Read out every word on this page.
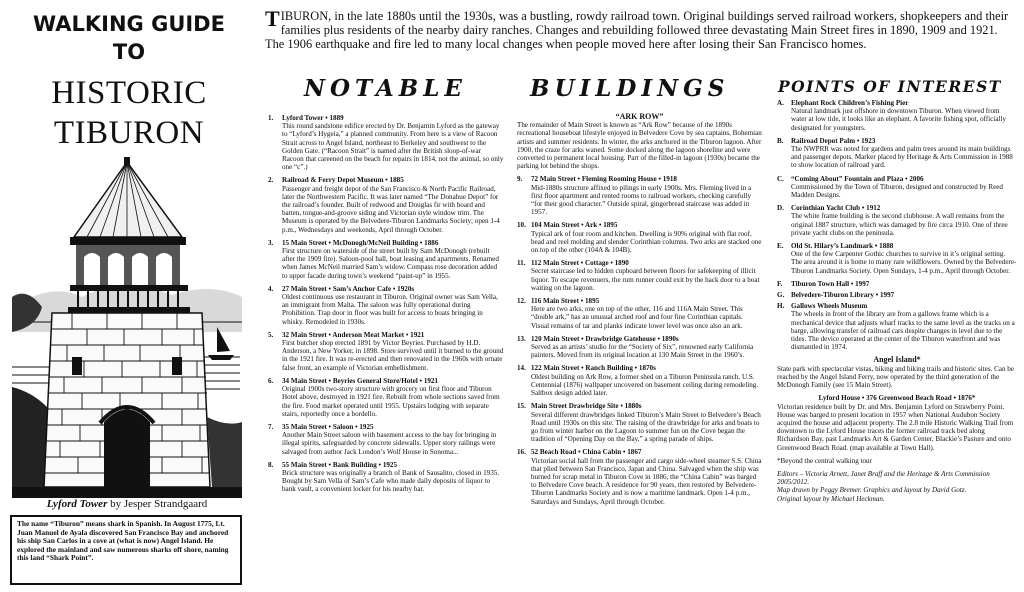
WALKING GUIDE
TO
HISTORIC
TIBURON
Lyford Tower by Jesper Strandgaard
The name “Tiburon” means shark in Spanish. In August 1775, Lt. Juan Manuel de Ayala discovered San Francisco Bay and anchored his ship San Carlos in a cove at (what is now) Angel Island. He explored the mainland and saw numerous sharks off shore, naming this land “Shark Point”.
TIBURON, in the late 1880s until the 1930s, was a bustling, rowdy railroad town. Original buildings served railroad workers, shopkeepers and their families plus residents of the nearby dairy ranches. Changes and rebuilding followed three devastating Main Street fires in 1890, 1909 and 1921. The 1906 earthquake and fire led to many local changes when people moved here after losing their San Francisco homes.
NOTABLE	BUILDINGS	POINTS OF INTEREST
1. Lyford Tower • 1889
This round sandstone edifice erected by Dr. Benjamin Lyford as the gateway to “Lyford’s Hygeia,” a planned community. From here is a view of Racoon Strait across to Angel Island, northeast to Berkeley and southwest to the Golden Gate. (“Racoon Strait” is named after the British sloop-of-war Racoon that careened on the beach for repairs in 1814, not the animal, so only one “c”.)
2. Railroad & Ferry Depot Museum • 1885
Passenger and freight depot of the San Francisco & North Pacific Railroad, later the Northwestern Pacific. It was later named “The Donahue Depot” for the railroad’s founder. Built of redwood and Douglas fir with board and batten, tongue-and-groove siding and Victorian style window trim. The Museum is operated by the Belvedere-Tiburon Landmarks Society; open 1-4 p.m., Wednesdays and weekends, April through October.
3. 15 Main Street • McDonogh/McNeil Building • 1886
First structure on waterside of the street built by Sam McDonogh (rebuilt after the 1909 fire). Saloon-pool hall, boat leasing and apartments. Renamed when James McNeil married Sam’s widow. Compass rose decoration added to upper facade during town’s weekend “paint-up” in 1955.
4. 27 Main Street • Sam’s Anchor Cafe • 1920s
Oldest continuous use restaurant in Tiburon. Original owner was Sam Vella, an immigrant from Malta. The saloon was fully operational during Prohibition. Trap door in floor was built for access to boats bringing in whisky. Remodeled in 1930s.
5. 32 Main Street • Anderson Meat Market • 1921
First butcher shop erected 1891 by Victor Beyries. Purchased by H.D. Anderson, a New Yorker, in 1898. Store survived until it burned to the ground in the 1921 fire. It was re-erected and then renovated in the 1960s with ornate false front, an example of Victorian embellishment.
6. 34 Main Street • Beyries General Store/Hotel • 1921
Original 1900s two-story structure with grocery on first floor and Tiburon Hotel above, destroyed in 1921 fire. Rebuilt from whole sections saved from the fire. Food market operated until 1955. Upstairs lodging with separate stairs, reportedly once a bordello.
7. 35 Main Street • Saloon • 1925
Another Main Street saloon with basement access to the bay for bringing in illegal spirits, safeguarded by concrete sidewalls. Upper story railings were salvaged from author Jack London’s Wolf House in Sonoma...
8. 55 Main Street • Bank Building • 1925
Brick structure was originally a branch of Bank of Sausalito, closed in 1935. Bought by Sam Vella of Sam’s Cafe who made daily deposits of liquor to bank vault, a convenient locker for his nearby bar.
“ARK ROW”
The remainder of Main Street is known as “Ark Row” because of the 1890s recreational houseboat lifestyle enjoyed in Belvedere Cove by sea captains, Bohemian artists and summer residents. In winter, the arks anchored in the Tiburon lagoon. After 1900, the craze for arks waned. Some docked along the lagoon shoreline and were converted to permanent local housing. Part of the filled-in lagoon (1930s) became the parking lot behind the shops.
9. 72 Main Street • Fleming Rooming House • 1918
Mid-1880s structure affixed to pilings in early 1900s. Mrs. Fleming lived in a first floor apartment and rented rooms to railroad workers, checking carefully “for their good character.” Outside spiral, gingerbread staircase was added in 1957.
10. 104 Main Street • Ark • 1895
Typical ark of four room and kitchen. Dwelling is 90% original with flat roof, bead and reel molding and slender Corinthian columns. Two arks are stacked one on top of the other (104A & 104B).
11. 112 Main Street • Cottage • 1890
Secret staircase led to hidden cupboard between floors for safekeeping of illicit liquor. To escape revenuers, the rum runner could exit by the back door to a boat waiting on the lagoon.
12. 116 Main Street • 1895
Here are two arks, one on top of the other, 116 and 116A Main Street. This “double ark,” has an unusual arched roof and four fine Corinthian capitals. Visual remains of tar and planks indicate lower level was once also an ark.
13. 120 Main Street • Drawbridge Gatehouse • 1890s
Served as an artists’ studio for the “Society of Six”, renowned early California painters. Moved from its original location at 130 Main Street in the 1960’s.
14. 122 Main Street • Ranch Building • 1870s
Oldest building on Ark Row, a former shed on a Tiburon Peninsula ranch. U.S. Centennial (1876) wallpaper uncovered on basement ceiling during remodeling. Saltbox design added later.
15. Main Street Drawbridge Site • 1880s
Several different drawbridges linked Tiburon’s Main Street to Belvedere’s Beach Road until 1930s on this site. The raising of the drawbridge for arks and boats to go from winter harbor on the Lagoon to summer fun on the Cove began the tradition of “Opening Day on the Bay,” a spring parade of ships.
16. 52 Beach Road • China Cabin • 1867
Victorian social hall from the passenger and cargo side-wheel steamer S.S. China that plied between San Francisco, Japan and China. Salvaged when the ship was burned for scrap metal in Tiburon Cove in 1886, the “China Cabin” was barged to Belvedere Cove beach. A residence for 90 years, then restored by Belvedere-Tiburon Landmarks Society and is now a maritime landmark. Open 1-4 p.m., Saturdays and Sundays, April through October.
A. Elephant Rock Children’s Fishing Pier
Natural landmark just offshore in downtown Tiburon. When viewed from water at low tide, it looks like an elephant. A favorite fishing spot, officially designated for youngsters.
B. Railroad Depot Palm • 1923
The NWPRR was noted for gardens and palm trees around its main buildings and passenger depots. Marker placed by Heritage & Arts Commission in 1988 to show location of railroad yard.
C. “Coming About” Fountain and Plaza • 2006
Commissioned by the Town of Tiburon, designed and constructed by Reed Madden Designs.
D. Corinthian Yacht Club • 1912
The white frame building is the second clubhouse. A wall remains from the original 1887 structure, which was damaged by fire circa 1910. One of three private yacht clubs on the peninsula.
E. Old St. Hilary’s Landmark • 1888
One of the few Carpenter Gothic churches to survive in it’s original setting. The area around it is home to many rare wildflowers. Owned by the Belvedere-Tiburon Landmarks Society. Open Sundays, 1-4 p.m., April through October.
F. Tiburon Town Hall • 1997
G. Belvedere-Tiburon Library • 1997
H. Gallows Wheels Museum
The wheels in front of the library are from a gallows frame which is a mechanical device that adjusts wharf tracks to the same level as the tracks on a barge, allowing transfer of railroad cars despite changes in level due to the tides. The device operated at the center of the Tiburon waterfront and was dismantled in 1974.
Angel Island*
State park with spectacular vistas, hiking and biking trails and historic sites. Can be reached by the Angel Island Ferry, now operated by the third generation of the McDonogh Family (see 15 Main Street).
Lyford House • 376 Greenwood Beach Road • 1876*
Victorian residence built by Dr. and Mrs. Benjamin Lyford on Strawberry Point. House was barged to present location in 1957 when National Audubon Society acquired the house and adjacent property. The 2.8 mile Historic Walking Trail from downtown to the Lyford House traces the former railroad track bed along Richardson Bay, past Landmarks Art & Garden Center, Blackie’s Pasture and onto Greenwood Beach Road. (map available at Town Hall).
*Beyond the central walking tour
Editors – Victoria Arnett, Janet Braff and the Heritage & Arts Commission 2005/2012.
Map drawn by Peggy Bremer. Graphics and layout by David Gotz.
Original layout by Michael Heckman.
